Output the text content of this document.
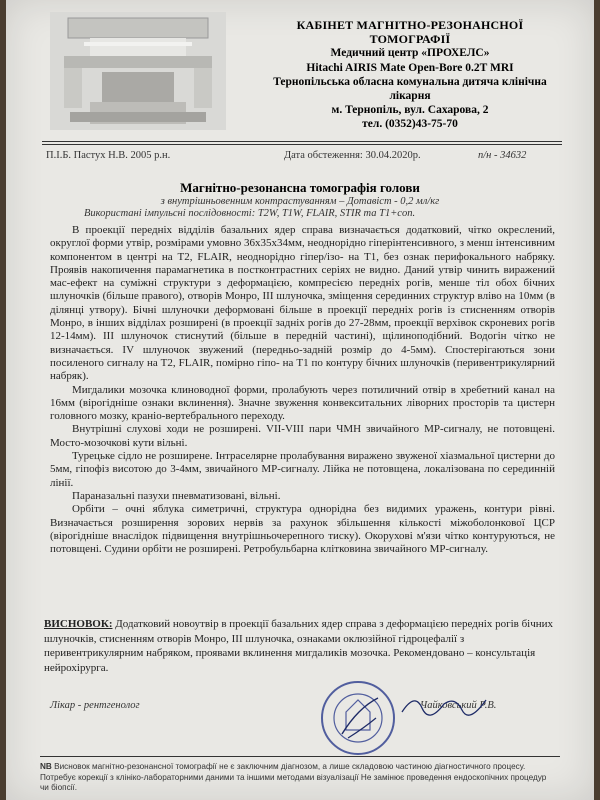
КАБІНЕТ МАГНІТНО-РЕЗОНАНСНОЇ
ТОМОГРАФІЇ
Медичний центр «ПРОХЕЛС»
Hitachi AIRIS Mate Open-Bore 0.2T MRI
Тернопільська обласна комунальна дитяча клінічна
лікарня
м. Тернопіль, вул. Сахарова, 2
тел. (0352)43-75-70
П.І.Б. Пастух Н.В. 2005 р.н.	Дата обстеження: 30.04.2020р.	п/н - 34632
Магнітно-резонансна томографія голови
з внутрішньовенним контрастуванням – Дотавіст - 0,2 мл/кг
Використані імпульсні послідовності: T2W, T1W, FLAIR, STIR та T1+con.

В проекції передніх відділів базальних ядер справа визначається додатковий, чітко окреслений, округлої форми утвір, розмірами умовно 36х35х34мм, неоднорідно гіперінтенсивного, з менш інтенсивним компонентом в центрі на Т2, FLAIR, неоднорідно гіпер/ізо- на Т1, без ознак перифокального набряку. Проявів накопичення парамагнетика в постконтрастних серіях не видно. Даний утвір чинить виражений мас-ефект на суміжні структури з деформацією, компресією передніх рогів, менше тіл обох бічних шлуночків (більше правого), отворів Монро, III шлуночка, зміщення серединних структур вліво на 10мм (в ділянці утвору). Бічні шлуночки деформовані більше в проекції передніх рогів із стисненням отворів Монро, в інших відділах розширені (в проекції задніх рогів до 27-28мм, проекції верхівок скроневих рогів 12-14мм). III шлуночок стиснутий (більше в передній частині), щілиноподібний. Водогін чітко не визначається. IV шлуночок звужений (передньо-задній розмір до 4-5мм). Спостерігаються зони посиленого сигналу на Т2, FLAIR, помірно гіпо- на Т1 по контуру бічних шлуночків (перивентрикулярний набряк).

Мигдалики мозочка клиноводної форми, пролабують через потиличний отвір в хребетний канал на 16мм (вірогідніше ознаки вклинення). Значне звуження конвекситальних ліворних просторів та цистерн головного мозку, краніо-вертебрального переходу.

Внутрішні слухові ходи не розширені. VII-VIII пари ЧМН звичайного МР-сигналу, не потовщені. Мосто-мозочкові кути вільні.

Турецьке сідло не розширене. Інтраселярне пролабування виражено звуженої хіазмальної цистерни до 5мм, гіпофіз висотою до 3-4мм, звичайного МР-сигналу. Лійка не потовщена, локалізована по серединній лінії.

Параназальні пазухи пневматизовані, вільні.

Орбіти – очні яблука симетричні, структура однорідна без видимих уражень, контури рівні. Визначається розширення зорових нервів за рахунок збільшення кількості міжоболонкової ЦСР (вірогідніше внаслідок підвищення внутрішньочерепного тиску). Окорухові м'язи чітко контуруються, не потовщені. Судини орбіти не розширені. Ретробульбарна клітковина звичайного МР-сигналу.

ВИСНОВОК: Додатковий новоутвір в проекції базальних ядер справа з деформацією передніх рогів бічних шлуночків, стисненням отворів Монро, III шлуночка, ознаками оклюзійної гідроцефалії з перивентрикулярним набряком, проявами вклинення мигдаликів мозочка. Рекомендовано – консультація нейрохірурга.
Лікар - рентгенолог	Чайковський Р.В.
NB Висновок магнітно-резонансної томографії не є заключним діагнозом, а лише складовою частиною діагностичного процесу. Потребує корекції з клініко-лабораторними даними та іншими методами візуалізації Не замінює проведення ендоскопічних процедур чи біопсії.
